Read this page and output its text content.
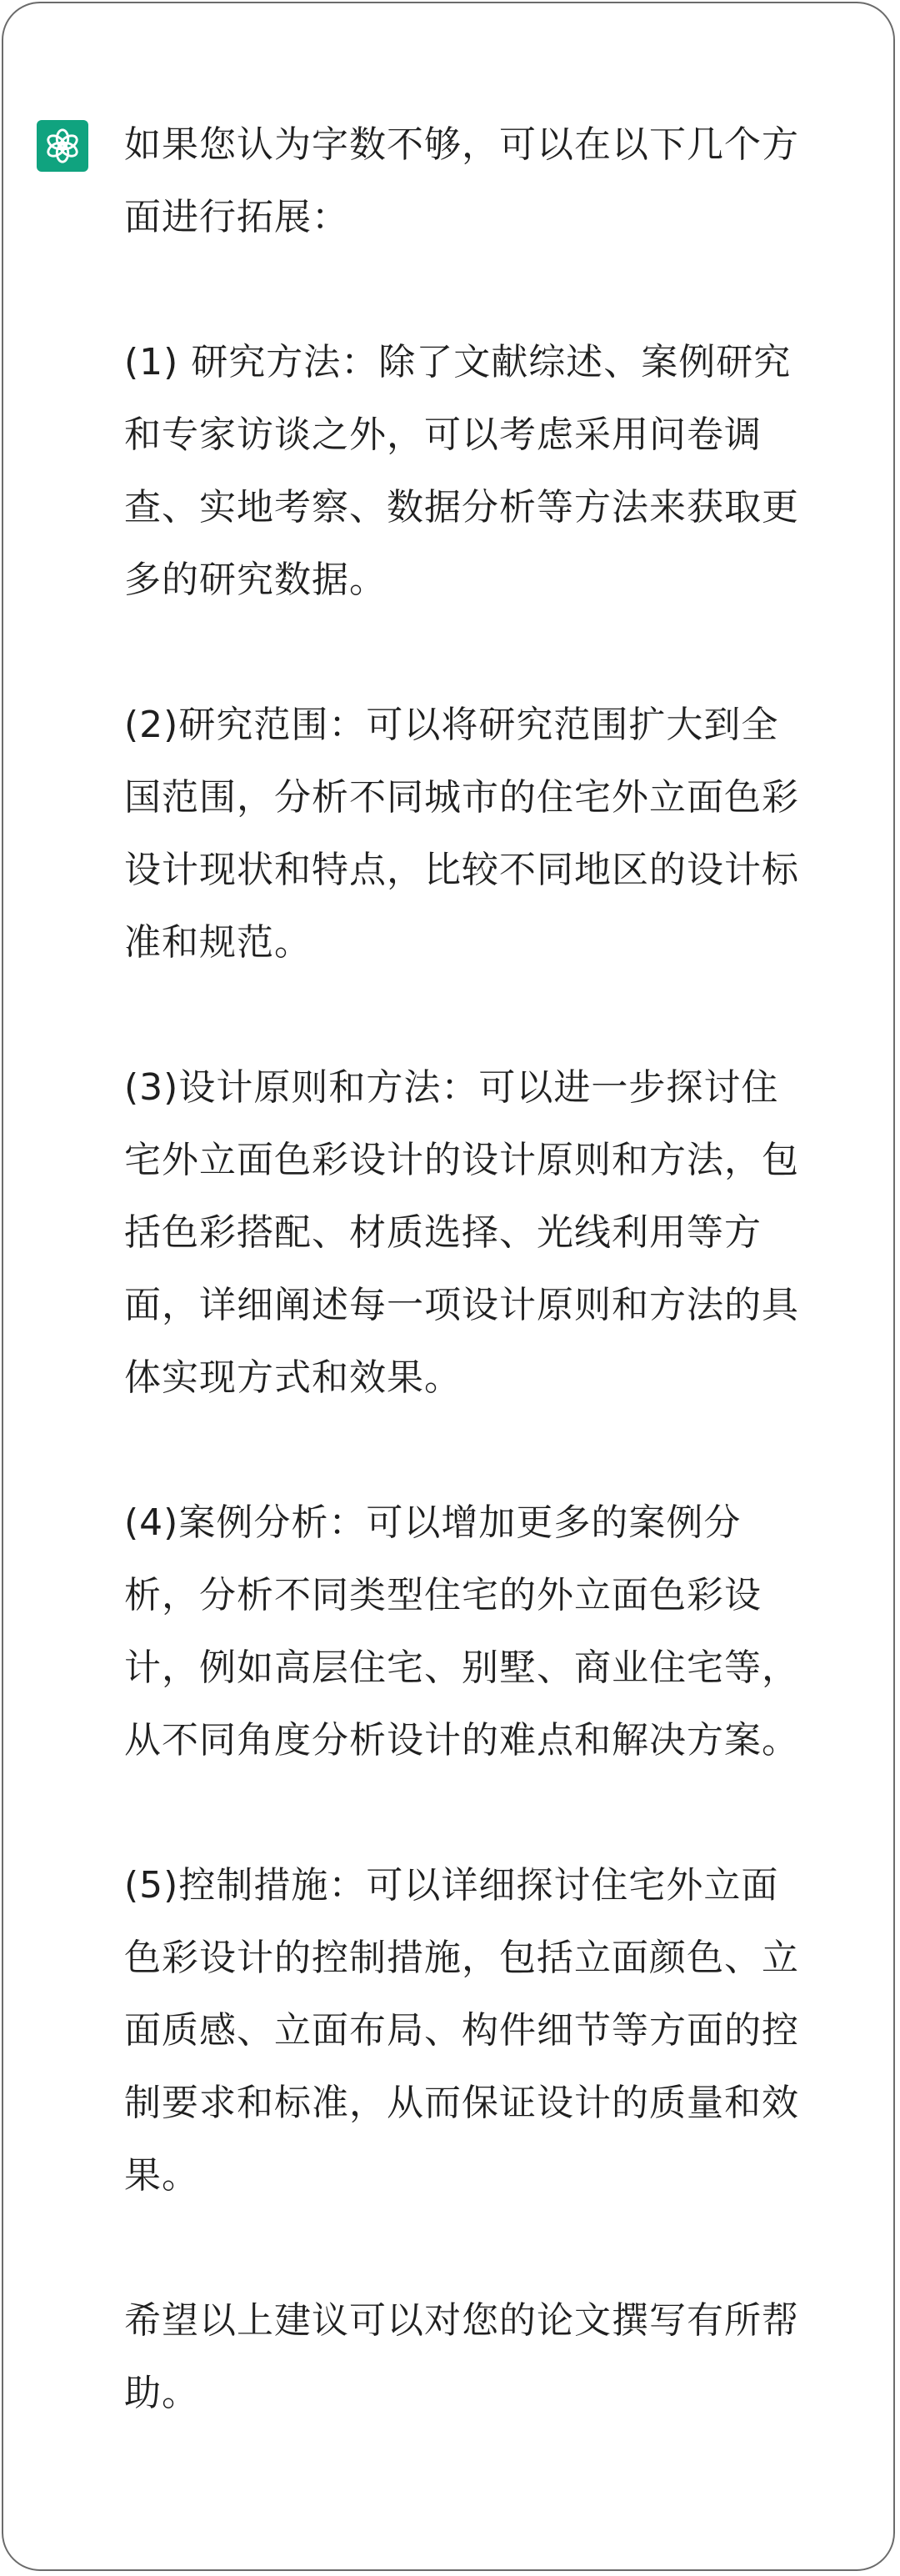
如果您认为字数不够，可以在以下几个方面进行拓展：

(1) 研究方法：除了文献综述、案例研究和专家访谈之外，可以考虑采用问卷调查、实地考察、数据分析等方法来获取更多的研究数据。

(2)研究范围：可以将研究范围扩大到全国范围，分析不同城市的住宅外立面色彩设计现状和特点，比较不同地区的设计标准和规范。

(3)设计原则和方法：可以进一步探讨住宅外立面色彩设计的设计原则和方法，包括色彩搭配、材质选择、光线利用等方面，详细阐述每一项设计原则和方法的具体实现方式和效果。

(4)案例分析：可以增加更多的案例分析，分析不同类型住宅的外立面色彩设计，例如高层住宅、别墅、商业住宅等，从不同角度分析设计的难点和解决方案。

(5)控制措施：可以详细探讨住宅外立面色彩设计的控制措施，包括立面颜色、立面质感、立面布局、构件细节等方面的控制要求和标准，从而保证设计的质量和效果。

希望以上建议可以对您的论文撰写有所帮助。
